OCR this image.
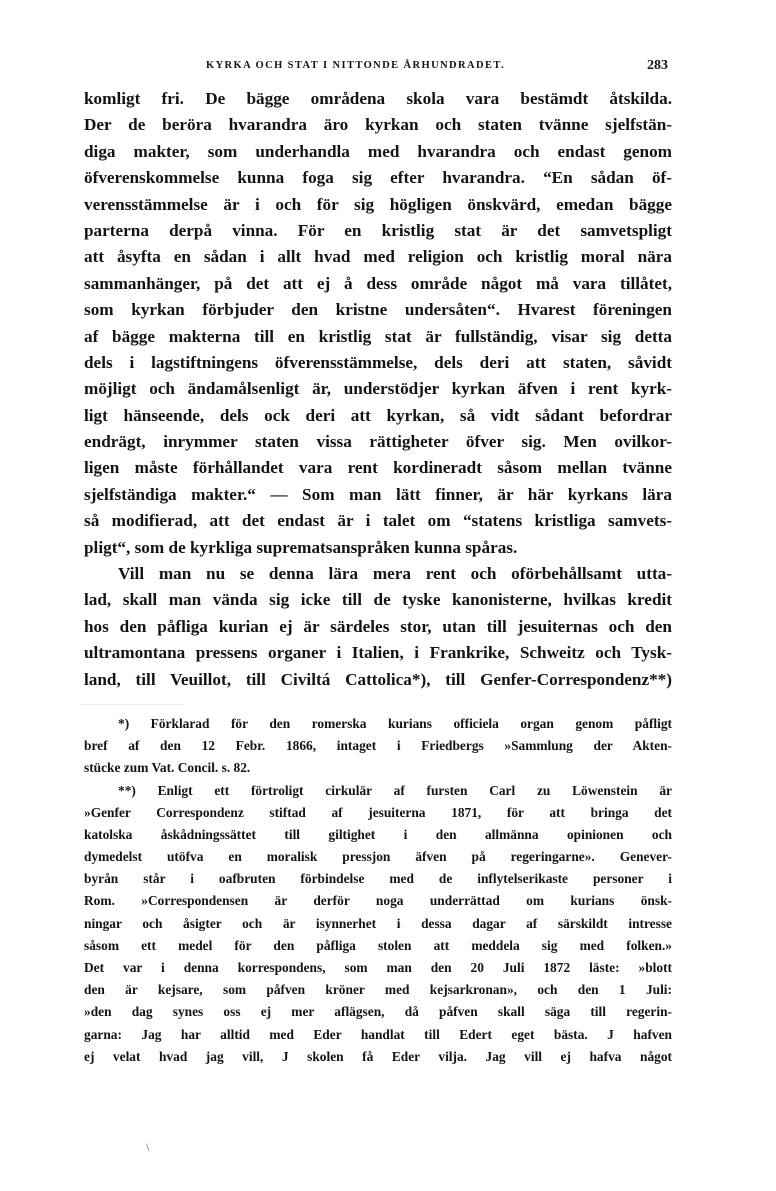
KYRKA OCH STAT I NITTONDE ÅRHUNDRADET.	283
komligt fri. De bägge områdena skola vara bestämdt åtskilda.
Der de beröra hvarandra äro kyrkan och staten tvänne sjelfstän-
diga makter, som underhandla med hvarandra och endast genom
öfverenskommelse kunna foga sig efter hvarandra. “En sådan öf-
verensstämmelse är i och för sig högligen önskvärd, emedan bägge
parterna derpå vinna. För en kristlig stat är det samvetspligt
att åsyfta en sådan i allt hvad med religion och kristlig moral nära
sammanhänger, på det att ej å dess område något må vara tillåtet,
som kyrkan förbjuder den kristne undersåten“. Hvarest föreningen
af bägge makterna till en kristlig stat är fullständig, visar sig detta
dels i lagstiftningens öfverensstämmelse, dels deri att staten, såvidt
möjligt och ändamålsenligt är, understödjer kyrkan äfven i rent kyrk-
ligt hänseende, dels ock deri att kyrkan, så vidt sådant befordrar
endrägt, inrymmer staten vissa rättigheter öfver sig. Men ovilkor-
ligen måste förhållandet vara rent kordineradt såsom mellan tvänne
sjelfständiga makter.“ — Som man lätt finner, är här kyrkans lära
så modifierad, att det endast är i talet om “statens kristliga samvets-
pligt“, som de kyrkliga suprematsanspråken kunna spåras.
Vill man nu se denna lära mera rent och oförbehållsamt utta-
lad, skall man vända sig icke till de tyske kanonisterne, hvilkas kredit
hos den påfliga kurian ej är särdeles stor, utan till jesuiternas och den
ultramontana pressens organer i Italien, i Frankrike, Schweitz och Tysk-
land, till Veuillot, till Civiltá Cattolica*), till Genfer-Correspondenz**)
*) Förklarad för den romerska kurians officiela organ genom påfligt
bref af den 12 Febr. 1866, intaget i Friedbergs »Sammlung der Akten-
stücke zum Vat. Concil. s. 82.
**) Enligt ett förtroligt cirkulär af fursten Carl zu Löwenstein är
»Genfer Correspondenz stiftad af jesuiterna 1871, för att bringa det
katolska åskådningssättet till giltighet i den allmänna opinionen och
dymedelst utöfva en moralisk pressjon äfven på regeringarne». Genever-
byrån står i oafbruten förbindelse med de inflytelserikaste personer i
Rom. »Correspondensen är derför noga underrättad om kurians önsk-
ningar och åsigter och är isynnerhet i dessa dagar af särskildt intresse
såsom ett medel för den påfliga stolen att meddela sig med folken.»
Det var i denna korrespondens, som man den 20 Juli 1872 läste: »blott
den är kejsare, som påfven kröner med kejsarkronan», och den 1 Juli:
»den dag synes oss ej mer aflägsen, då påfven skall säga till regerin-
garna: Jag har alltid med Eder handlat till Edert eget bästa. J hafven
ej velat hvad jag vill, J skolen få Eder vilja. Jag vill ej hafva något
\
